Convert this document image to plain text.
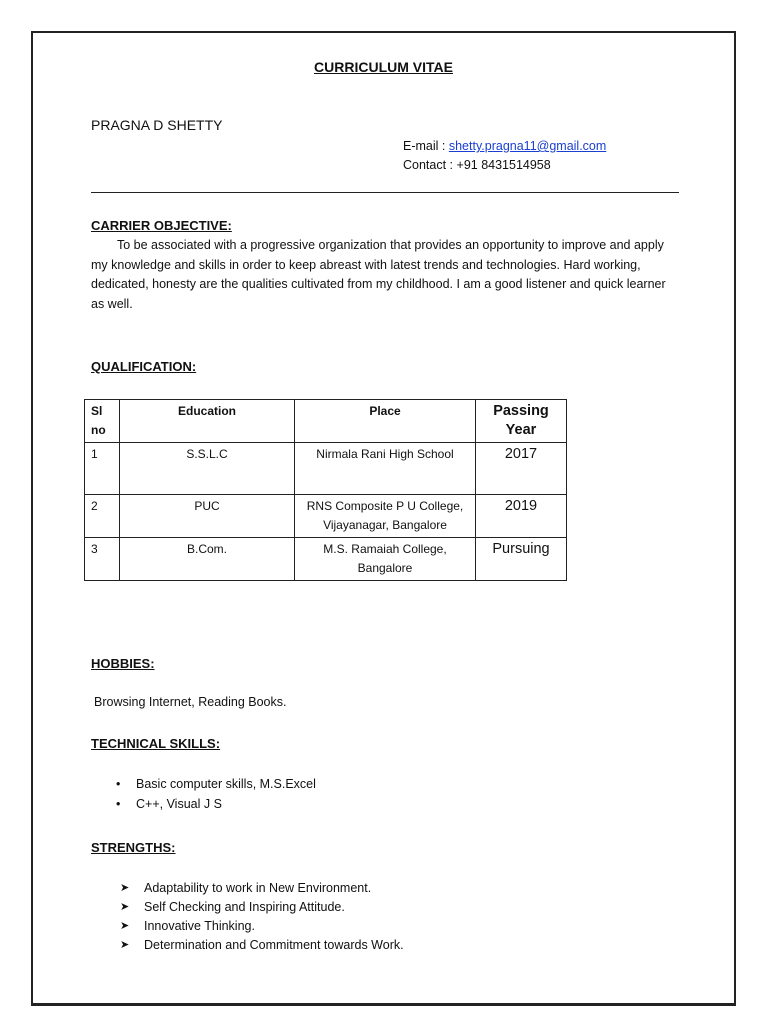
CURRICULUM VITAE
PRAGNA D SHETTY
E-mail : shetty.pragna11@gmail.com
Contact : +91 8431514958
CARRIER OBJECTIVE:
To be associated with a progressive organization that provides an opportunity to improve and apply my knowledge and skills in order to keep abreast with latest trends and technologies. Hard working, dedicated, honesty are the qualities cultivated from my childhood. I am a good listener and quick learner as well.
QUALIFICATION:
Sl no	Education	Place	Passing Year
1	S.S.L.C	Nirmala Rani High School	2017
2	PUC	RNS Composite P U College, Vijayanagar, Bangalore	2019
3	B.Com.	M.S. Ramaiah College, Bangalore	Pursuing
HOBBIES:
Browsing Internet, Reading Books.
TECHNICAL SKILLS:
• Basic computer skills, M.S.Excel
• C++, Visual J S
STRENGTHS:
➤ Adaptability to work in New Environment.
➤ Self Checking and Inspiring Attitude.
➤ Innovative Thinking.
➤ Determination and Commitment towards Work.
